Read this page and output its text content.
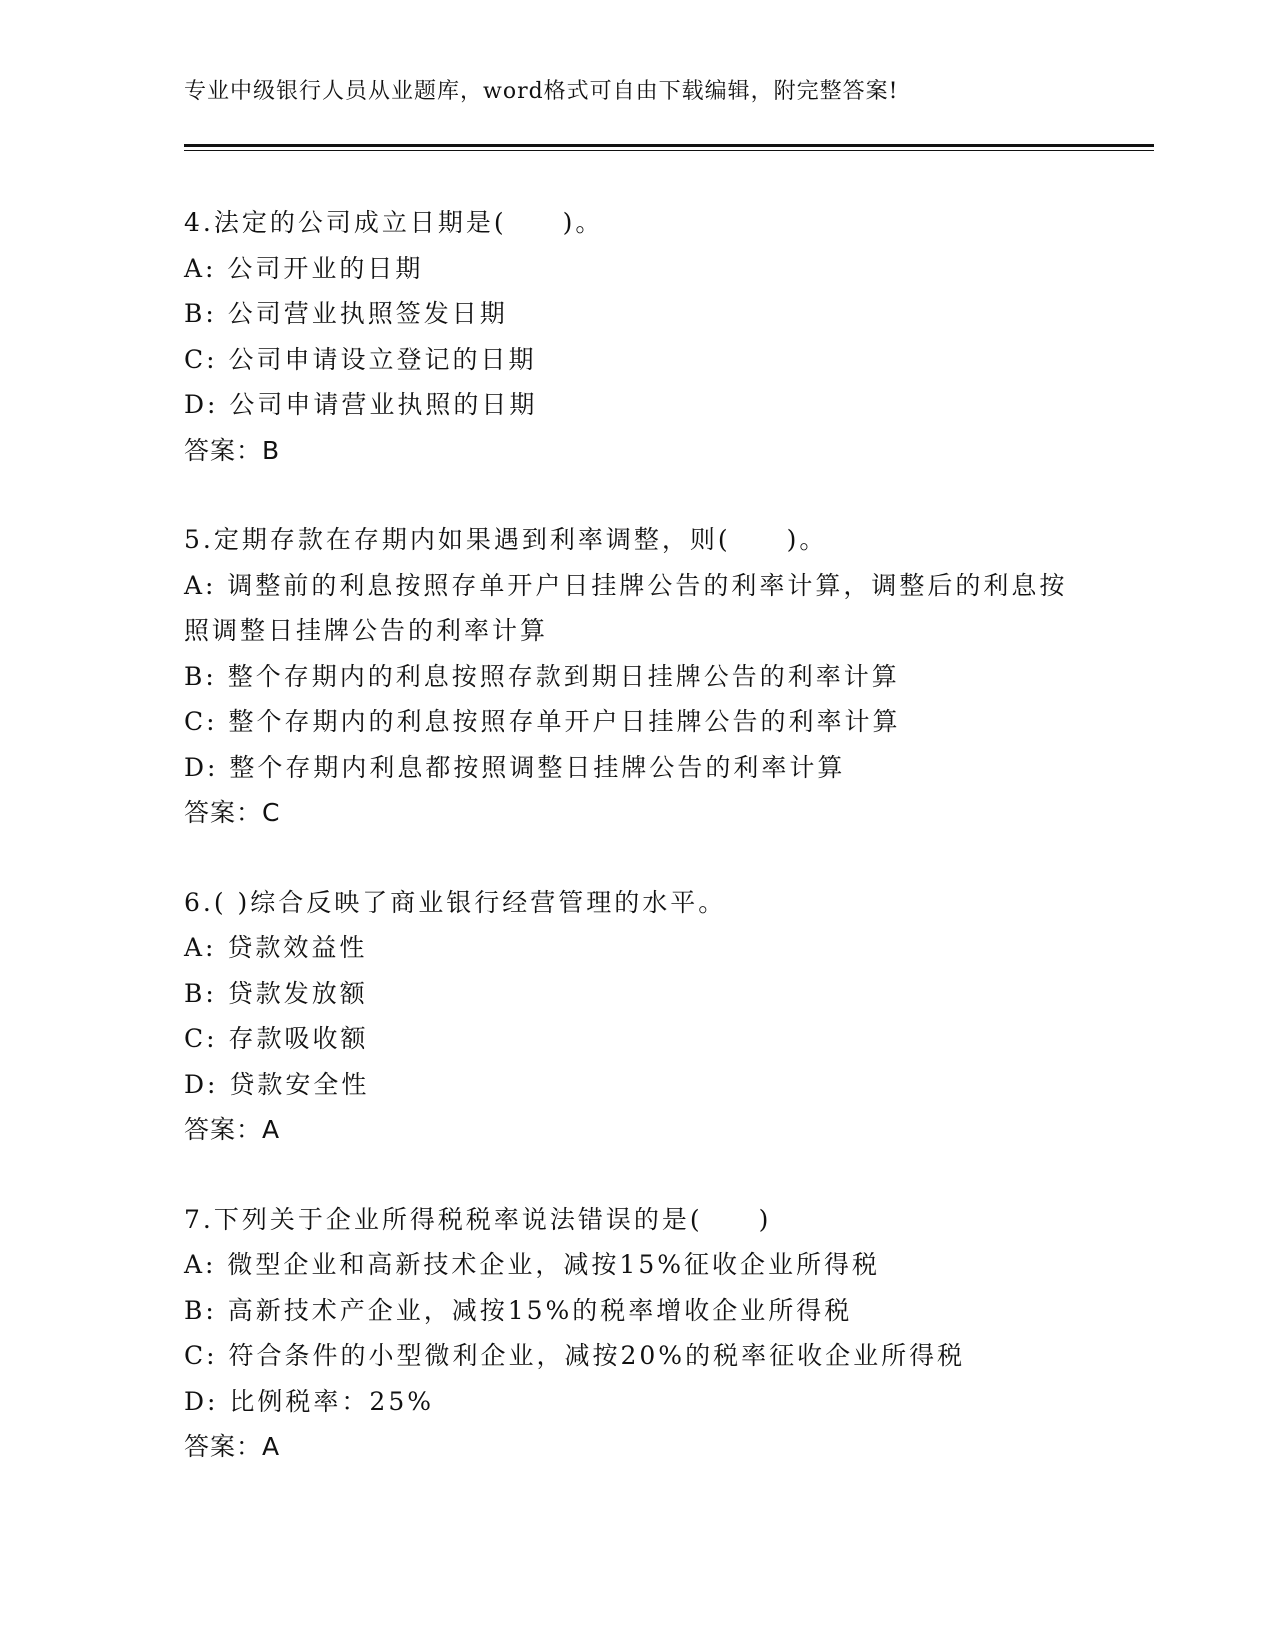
专业中级银行人员从业题库，word格式可自由下载编辑，附完整答案!
4.法定的公司成立日期是(　　)。
A: 公司开业的日期
B: 公司营业执照签发日期
C: 公司申请设立登记的日期
D: 公司申请营业执照的日期
答案：B
5.定期存款在存期内如果遇到利率调整，则(　　)。
A: 调整前的利息按照存单开户日挂牌公告的利率计算，调整后的利息按照调整日挂牌公告的利率计算
B: 整个存期内的利息按照存款到期日挂牌公告的利率计算
C: 整个存期内的利息按照存单开户日挂牌公告的利率计算
D: 整个存期内利息都按照调整日挂牌公告的利率计算
答案：C
6.( )综合反映了商业银行经营管理的水平。
A: 贷款效益性
B: 贷款发放额
C: 存款吸收额
D: 贷款安全性
答案：A
7.下列关于企业所得税税率说法错误的是(　　)
A: 微型企业和高新技术企业，减按15%征收企业所得税
B: 高新技术产企业，减按15%的税率增收企业所得税
C: 符合条件的小型微利企业，减按20%的税率征收企业所得税
D: 比例税率：25%
答案：A
